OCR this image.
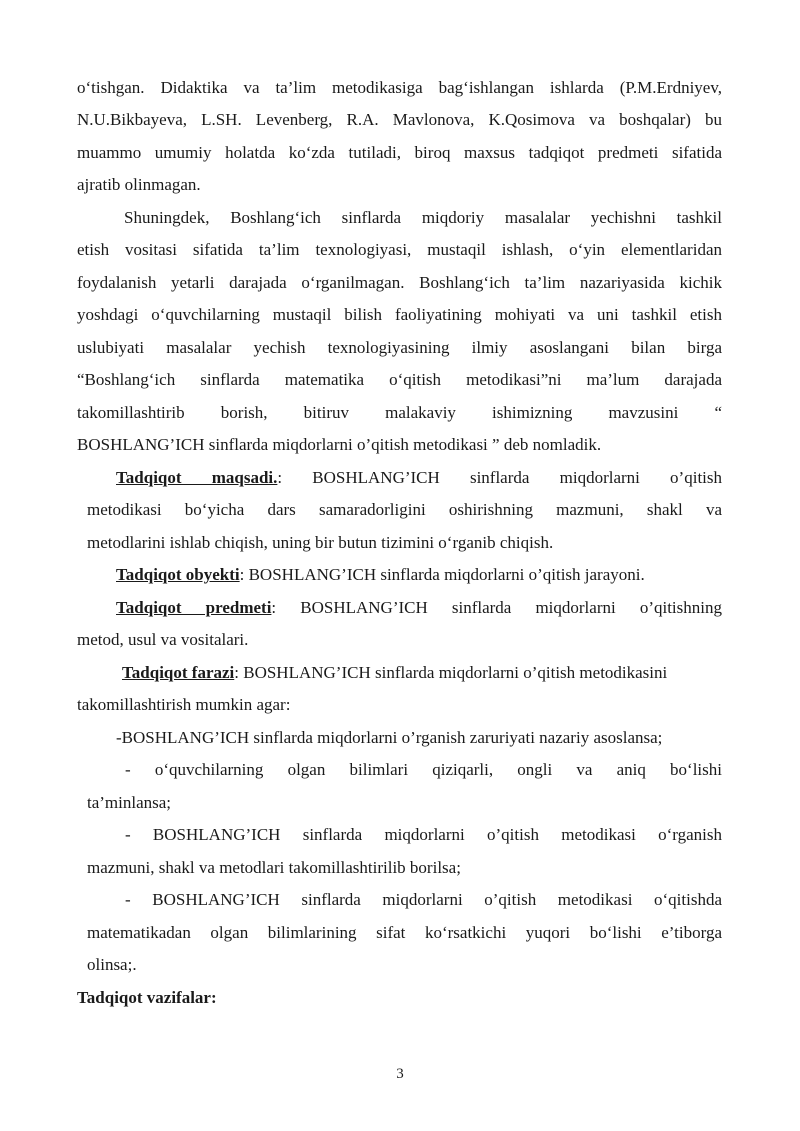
o‘tishgan. Didaktika va ta’lim metodikasiga bag‘ishlangan ishlarda (P.M.Erdniyev,
N.U.Bikbayeva, L.SH. Levenberg, R.A. Mavlonova, K.Qosimova va boshqalar) bu
muammo umumiy holatda ko‘zda tutiladi, biroq maxsus tadqiqot predmeti sifatida
ajratib olinmagan.
Shuningdek, Boshlang‘ich sinflarda miqdoriy masalalar yechishni tashkil
etish vositasi sifatida ta’lim texnologiyasi, mustaqil ishlash, o‘yin elementlaridan
foydalanish yetarli darajada o‘rganilmagan. Boshlang‘ich ta’lim nazariyasida kichik
yoshdagi o‘quvchilarning mustaqil bilish faoliyatining mohiyati va uni tashkil etish
uslubiyati masalalar yechish texnologiyasining ilmiy asoslangani bilan birga
“Boshlang‘ich sinflarda matematika o‘qitish metodikasi”ni ma’lum darajada
takomillashtirib borish, bitiruv malakaviy ishimizning mavzusini “
BOSHLANG’ICH sinflarda miqdorlarni o’qitish metodikasi ” deb nomladik.
Tadqiqot maqsadi.: BOSHLANG’ICH sinflarda miqdorlarni o’qitish
metodikasi bo‘yicha dars samaradorligini oshirishning mazmuni, shakl va
metodlarini ishlab chiqish, uning bir butun tizimini o‘rganib chiqish.
Tadqiqot obyekti: BOSHLANG’ICH sinflarda miqdorlarni o’qitish jarayoni.
Tadqiqot predmeti: BOSHLANG’ICH sinflarda miqdorlarni o’qitishning
metod, usul va vositalari.
Tadqiqot farazi: BOSHLANG’ICH sinflarda miqdorlarni o’qitish metodikasini
takomillashtirish mumkin agar:
-BOSHLANG’ICH sinflarda miqdorlarni o’rganish zaruriyati nazariy asoslansa;
- o‘quvchilarning olgan bilimlari qiziqarli, ongli va aniq bo‘lishi
ta’minlansa;
- BOSHLANG’ICH sinflarda miqdorlarni o’qitish metodikasi o‘rganish
mazmuni, shakl va metodlari takomillashtirilib borilsa;
- BOSHLANG’ICH sinflarda miqdorlarni o’qitish metodikasi o‘qitishda
matematikadan olgan bilimlarining sifat ko‘rsatkichi yuqori bo‘lishi e’tiborga
olinsa;.
Tadqiqot vazifalar:
3
